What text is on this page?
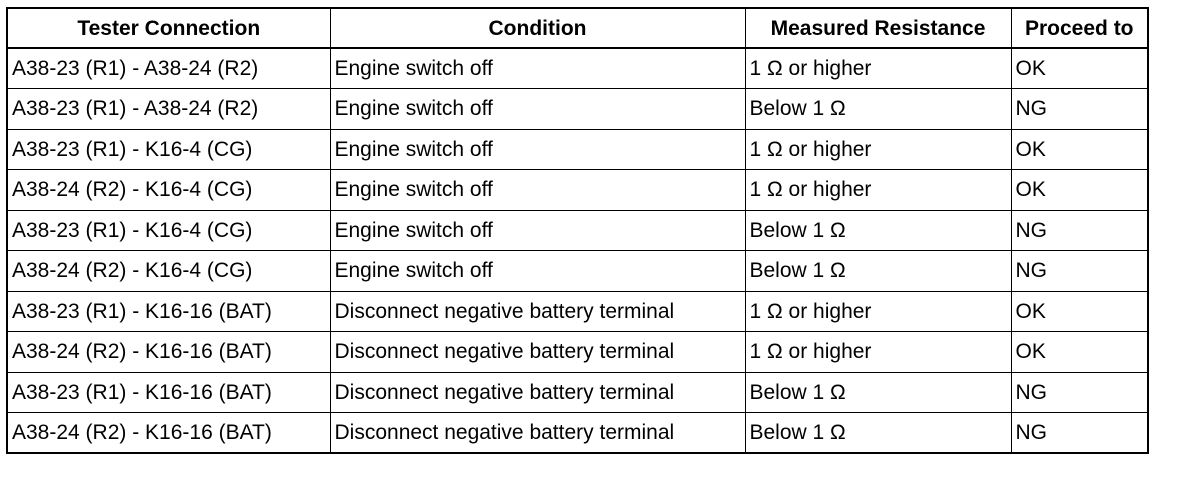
Tester Connection	Condition	Measured Resistance	Proceed to
A38-23 (R1) - A38-24 (R2)	Engine switch off	1 Ω or higher	OK
A38-23 (R1) - A38-24 (R2)	Engine switch off	Below 1 Ω	NG
A38-23 (R1) - K16-4 (CG)	Engine switch off	1 Ω or higher	OK
A38-24 (R2) - K16-4 (CG)	Engine switch off	1 Ω or higher	OK
A38-23 (R1) - K16-4 (CG)	Engine switch off	Below 1 Ω	NG
A38-24 (R2) - K16-4 (CG)	Engine switch off	Below 1 Ω	NG
A38-23 (R1) - K16-16 (BAT)	Disconnect negative battery terminal	1 Ω or higher	OK
A38-24 (R2) - K16-16 (BAT)	Disconnect negative battery terminal	1 Ω or higher	OK
A38-23 (R1) - K16-16 (BAT)	Disconnect negative battery terminal	Below 1 Ω	NG
A38-24 (R2) - K16-16 (BAT)	Disconnect negative battery terminal	Below 1 Ω	NG
